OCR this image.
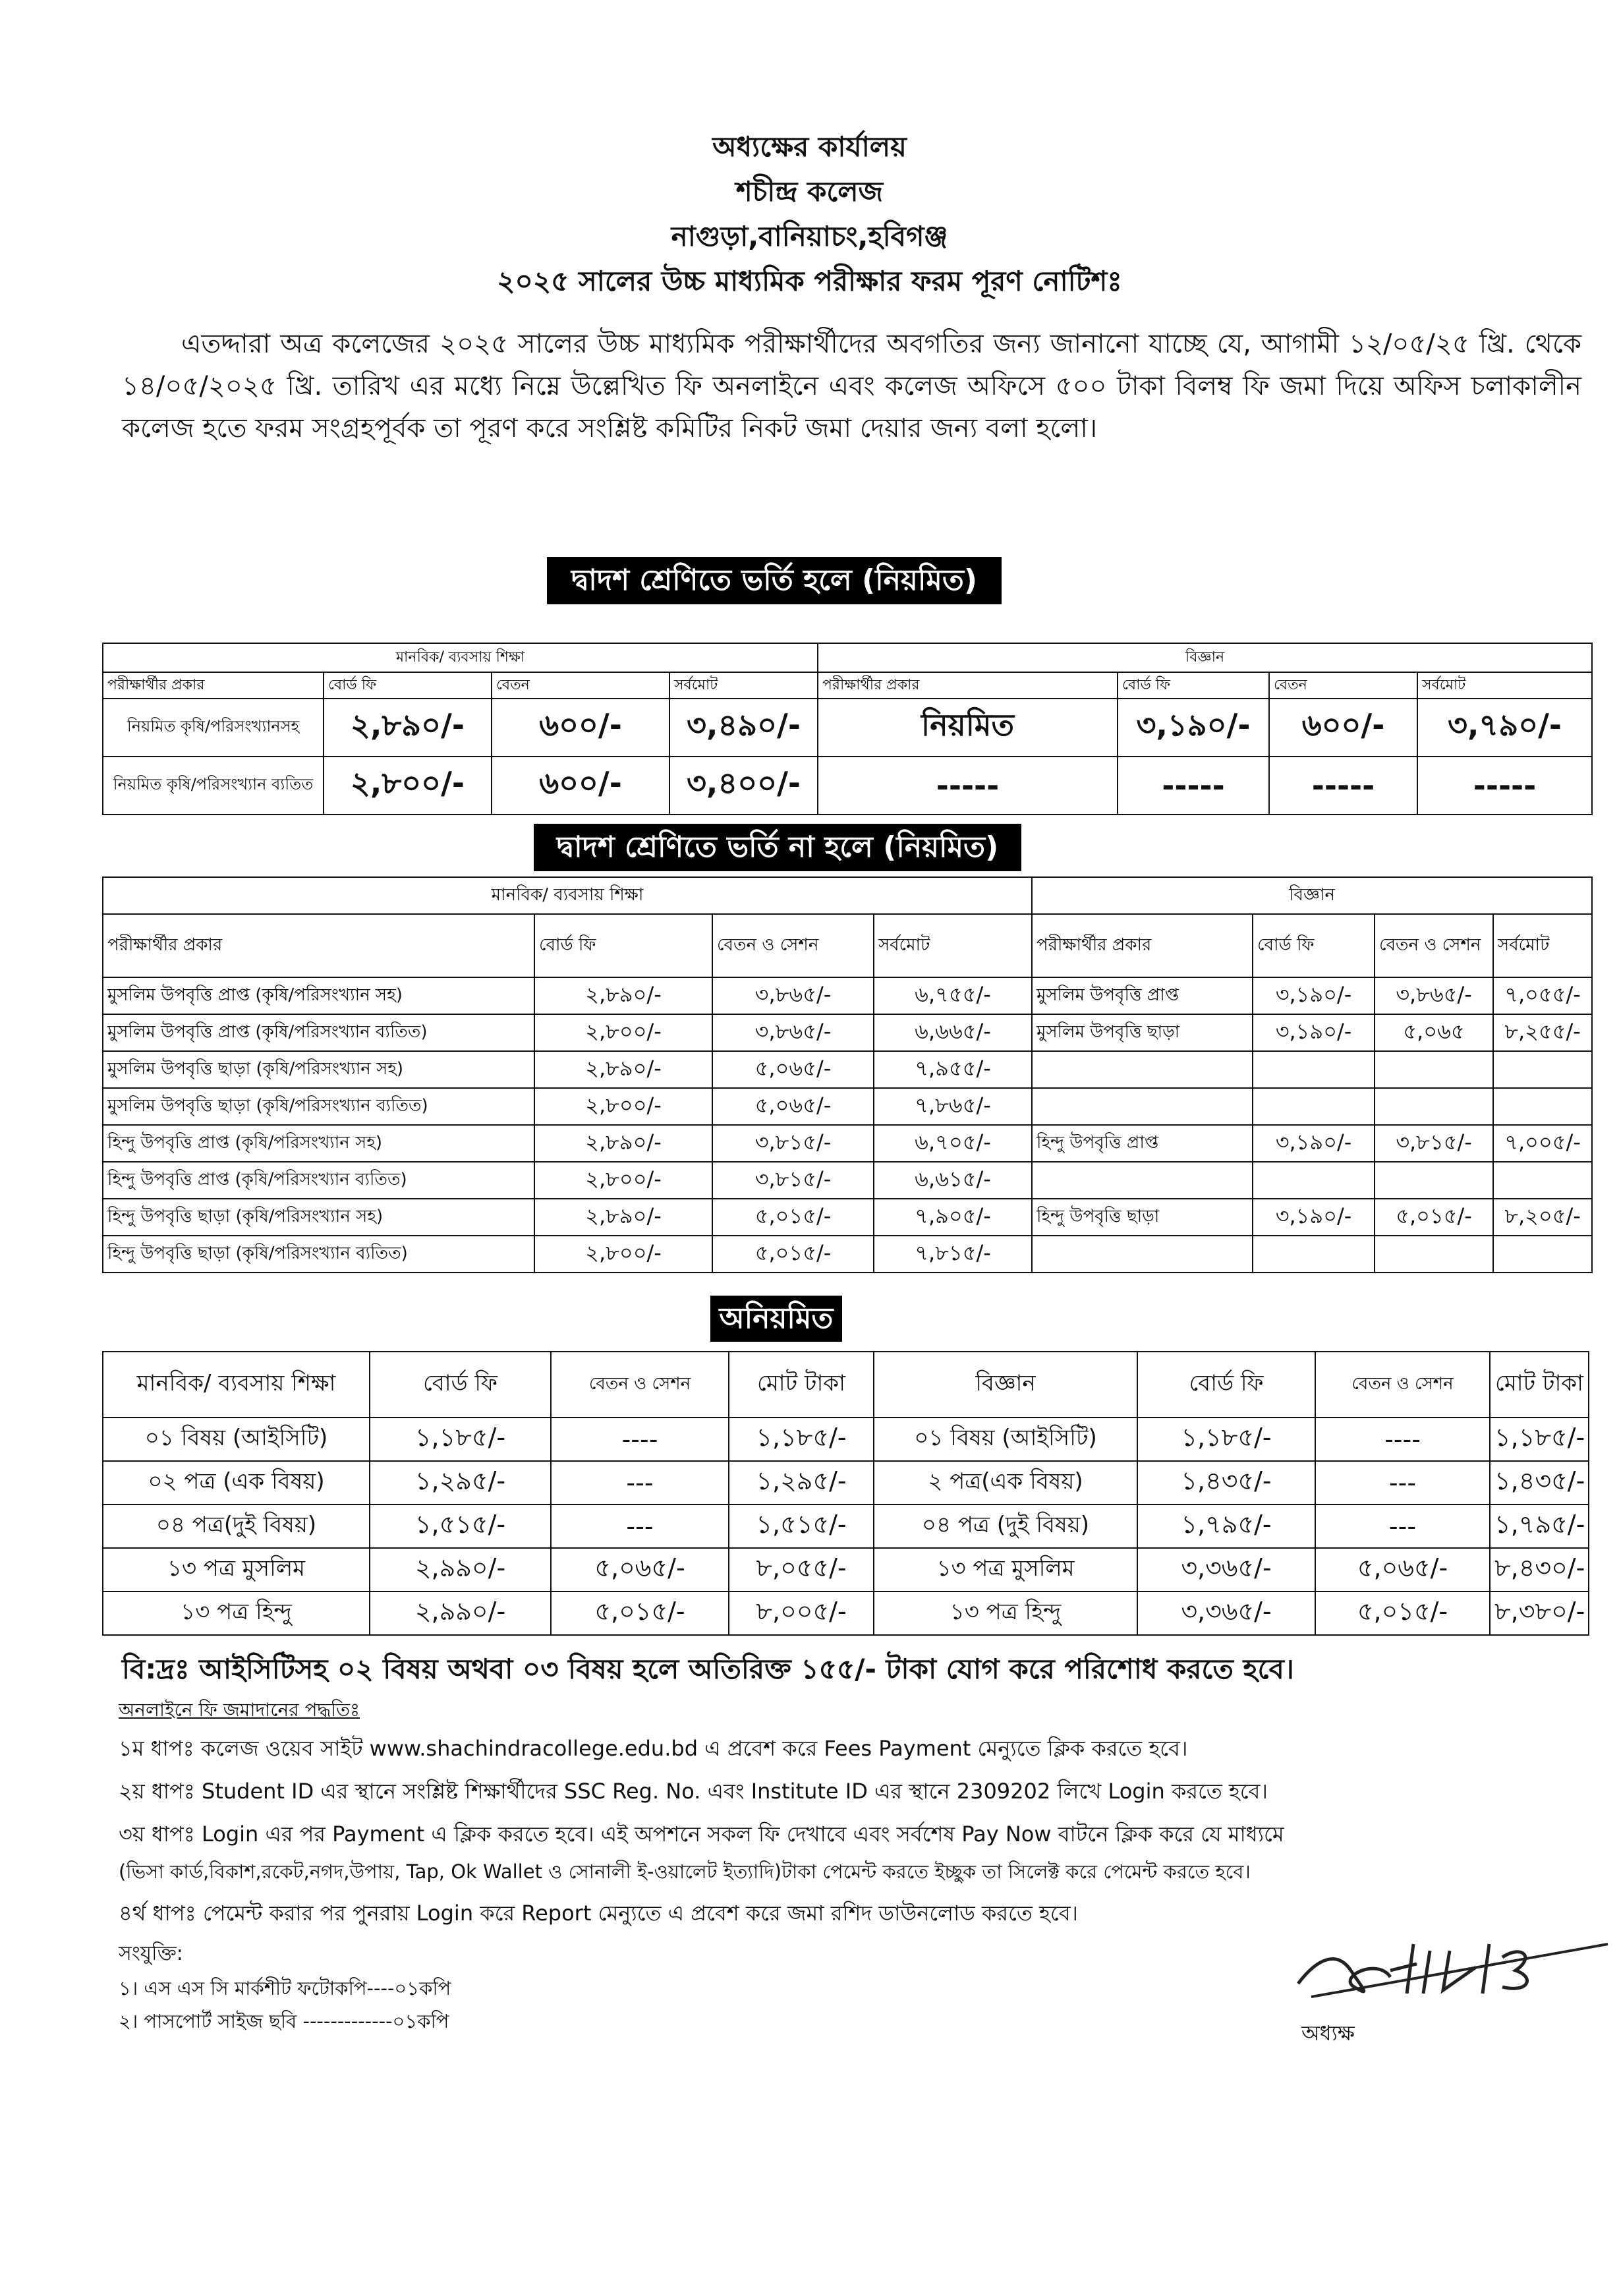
অধ্যক্ষের কার্যালয়
শচীন্দ্র কলেজ
নাগুড়া,বানিয়াচং,হবিগঞ্জ
২০২৫ সালের উচ্চ মাধ্যমিক পরীক্ষার ফরম পূরণ নোটিশঃ
এতদ্দারা অত্র কলেজের ২০২৫ সালের উচ্চ মাধ্যমিক পরীক্ষার্থীদের অবগতির জন্য জানানো যাচ্ছে যে, আগামী ১২/০৫/২৫ খ্রি. থেকে ১৪/০৫/২০২৫ খ্রি. তারিখ এর মধ্যে নিম্নে উল্লেখিত ফি অনলাইনে এবং কলেজ অফিসে ৫০০ টাকা বিলম্ব ফি জমা দিয়ে অফিস চলাকালীন কলেজ হতে ফরম সংগ্রহপূর্বক তা পূরণ করে সংশ্লিষ্ট কমিটির নিকট জমা দেয়ার জন্য বলা হলো।
দ্বাদশ শ্রেণিতে ভর্তি হলে (নিয়মিত)
মানবিক/ ব্যবসায় শিক্ষা				বিজ্ঞান			
পরীক্ষার্থীর প্রকার	বোর্ড ফি	বেতন	সর্বমোট	পরীক্ষার্থীর প্রকার	বোর্ড ফি	বেতন	সর্বমোট
নিয়মিত কৃষি/পরিসংখ্যানসহ	২,৮৯০/-	৬০০/-	৩,৪৯০/-	নিয়মিত	৩,১৯০/-	৬০০/-	৩,৭৯০/-
নিয়মিত কৃষি/পরিসংখ্যান ব্যতিত	২,৮০০/-	৬০০/-	৩,৪০০/-	-----	-----	-----	-----
দ্বাদশ শ্রেণিতে ভর্তি না হলে (নিয়মিত)
মানবিক/ ব্যবসায় শিক্ষা				বিজ্ঞান			
পরীক্ষার্থীর প্রকার	বোর্ড ফি	বেতন ও সেশন	সর্বমোট	পরীক্ষার্থীর প্রকার	বোর্ড ফি	বেতন ও সেশন	সর্বমোট
মুসলিম উপবৃত্তি প্রাপ্ত (কৃষি/পরিসংখ্যান সহ)	২,৮৯০/-	৩,৮৬৫/-	৬,৭৫৫/-	মুসলিম উপবৃত্তি প্রাপ্ত	৩,১৯০/-	৩,৮৬৫/-	৭,০৫৫/-
মুসলিম উপবৃত্তি প্রাপ্ত (কৃষি/পরিসংখ্যান ব্যতিত)	২,৮০০/-	৩,৮৬৫/-	৬,৬৬৫/-	মুসলিম উপবৃত্তি ছাড়া	৩,১৯০/-	৫,০৬৫	৮,২৫৫/-
মুসলিম উপবৃত্তি ছাড়া (কৃষি/পরিসংখ্যান সহ)	২,৮৯০/-	৫,০৬৫/-	৭,৯৫৫/-				
মুসলিম উপবৃত্তি ছাড়া (কৃষি/পরিসংখ্যান ব্যতিত)	২,৮০০/-	৫,০৬৫/-	৭,৮৬৫/-				
হিন্দু উপবৃত্তি প্রাপ্ত (কৃষি/পরিসংখ্যান সহ)	২,৮৯০/-	৩,৮১৫/-	৬,৭০৫/-	হিন্দু উপবৃত্তি প্রাপ্ত	৩,১৯০/-	৩,৮১৫/-	৭,০০৫/-
হিন্দু উপবৃত্তি প্রাপ্ত (কৃষি/পরিসংখ্যান ব্যতিত)	২,৮০০/-	৩,৮১৫/-	৬,৬১৫/-				
হিন্দু উপবৃত্তি ছাড়া (কৃষি/পরিসংখ্যান সহ)	২,৮৯০/-	৫,০১৫/-	৭,৯০৫/-	হিন্দু উপবৃত্তি ছাড়া	৩,১৯০/-	৫,০১৫/-	৮,২০৫/-
হিন্দু উপবৃত্তি ছাড়া (কৃষি/পরিসংখ্যান ব্যতিত)	২,৮০০/-	৫,০১৫/-	৭,৮১৫/-				
অনিয়মিত
মানবিক/ ব্যবসায় শিক্ষা	বোর্ড ফি	বেতন ও সেশন	মোট টাকা	বিজ্ঞান	বোর্ড ফি	বেতন ও সেশন	মোট টাকা
০১ বিষয় (আইসিটি)	১,১৮৫/-	----	১,১৮৫/-	০১ বিষয় (আইসিটি)	১,১৮৫/-	----	১,১৮৫/-
০২ পত্র (এক বিষয়)	১,২৯৫/-	---	১,২৯৫/-	২ পত্র(এক বিষয়)	১,৪৩৫/-	---	১,৪৩৫/-
০৪ পত্র(দুই বিষয়)	১,৫১৫/-	---	১,৫১৫/-	০৪ পত্র (দুই বিষয়)	১,৭৯৫/-	---	১,৭৯৫/-
১৩ পত্র মুসলিম	২,৯৯০/-	৫,০৬৫/-	৮,০৫৫/-	১৩ পত্র মুসলিম	৩,৩৬৫/-	৫,০৬৫/-	৮,৪৩০/-
১৩ পত্র হিন্দু	২,৯৯০/-	৫,০১৫/-	৮,০০৫/-	১৩ পত্র হিন্দু	৩,৩৬৫/-	৫,০১৫/-	৮,৩৮০/-
বি:দ্রঃ আইসিটিসহ ০২ বিষয় অথবা ০৩ বিষয় হলে অতিরিক্ত ১৫৫/- টাকা যোগ করে পরিশোধ করতে হবে।
অনলাইনে ফি জমাদানের পদ্ধতিঃ
১ম ধাপঃ কলেজ ওয়েব সাইট www.shachindracollege.edu.bd এ প্রবেশ করে Fees Payment মেন্যুতে ক্লিক করতে হবে।
২য় ধাপঃ Student ID এর স্থানে সংশ্লিষ্ট শিক্ষার্থীদের SSC Reg. No. এবং Institute ID এর স্থানে 2309202 লিখে Login করতে হবে।
৩য় ধাপঃ Login এর পর Payment এ ক্লিক করতে হবে। এই অপশনে সকল ফি দেখাবে এবং সর্বশেষ Pay Now বাটনে ক্লিক করে যে মাধ্যমে
(ভিসা কার্ড,বিকাশ,রকেট,নগদ,উপায়, Tap, Ok Wallet ও সোনালী ই-ওয়ালেট ইত্যাদি)টাকা পেমেন্ট করতে ইচ্ছুক তা সিলেক্ট করে পেমেন্ট করতে হবে।
৪র্থ ধাপঃ পেমেন্ট করার পর পুনরায় Login করে Report মেন্যুতে এ প্রবেশ করে জমা রশিদ ডাউনলোড করতে হবে।
সংযুক্তি:
১। এস এস সি মার্কশীট ফটোকপি----০১কপি
২। পাসপোর্ট সাইজ ছবি -------------০১কপি	অধ্যক্ষ
